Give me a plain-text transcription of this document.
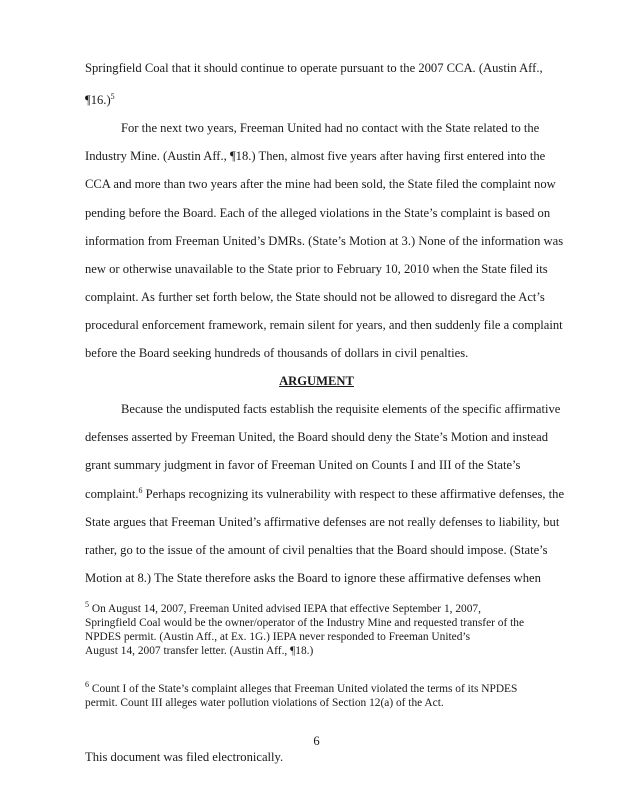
Springfield Coal that it should continue to operate pursuant to the 2007 CCA. (Austin Aff.,
¶16.)$^5$
For the next two years, Freeman United had no contact with the State related to the
Industry Mine. (Austin Aff., ¶18.) Then, almost five years after having first entered into the
CCA and more than two years after the mine had been sold, the State filed the complaint now
pending before the Board. Each of the alleged violations in the State’s complaint is based on
information from Freeman United’s DMRs. (State’s Motion at 3.) None of the information was
new or otherwise unavailable to the State prior to February 10, 2010 when the State filed its
complaint. As further set forth below, the State should not be allowed to disregard the Act’s
procedural enforcement framework, remain silent for years, and then suddenly file a complaint
before the Board seeking hundreds of thousands of dollars in civil penalties.
ARGUMENT
Because the undisputed facts establish the requisite elements of the specific affirmative
defenses asserted by Freeman United, the Board should deny the State’s Motion and instead
grant summary judgment in favor of Freeman United on Counts I and III of the State’s
complaint.$^6$ Perhaps recognizing its vulnerability with respect to these affirmative defenses, the
State argues that Freeman United’s affirmative defenses are not really defenses to liability, but
rather, go to the issue of the amount of civil penalties that the Board should impose. (State’s
Motion at 8.) The State therefore asks the Board to ignore these affirmative defenses when

$^5$ On August 14, 2007, Freeman United advised IEPA that effective September 1, 2007,

Springfield Coal would be the owner/operator of the Industry Mine and requested transfer of the

NPDES permit. (Austin Aff., at Ex. 1G.) IEPA never responded to Freeman United’s

August 14, 2007 transfer letter. (Austin Aff., ¶18.)

$^6$ Count I of the State’s complaint alleges that Freeman United violated the terms of its NPDES

permit. Count III alleges water pollution violations of Section 12(a) of the Act.

6
This document was filed electronically.
